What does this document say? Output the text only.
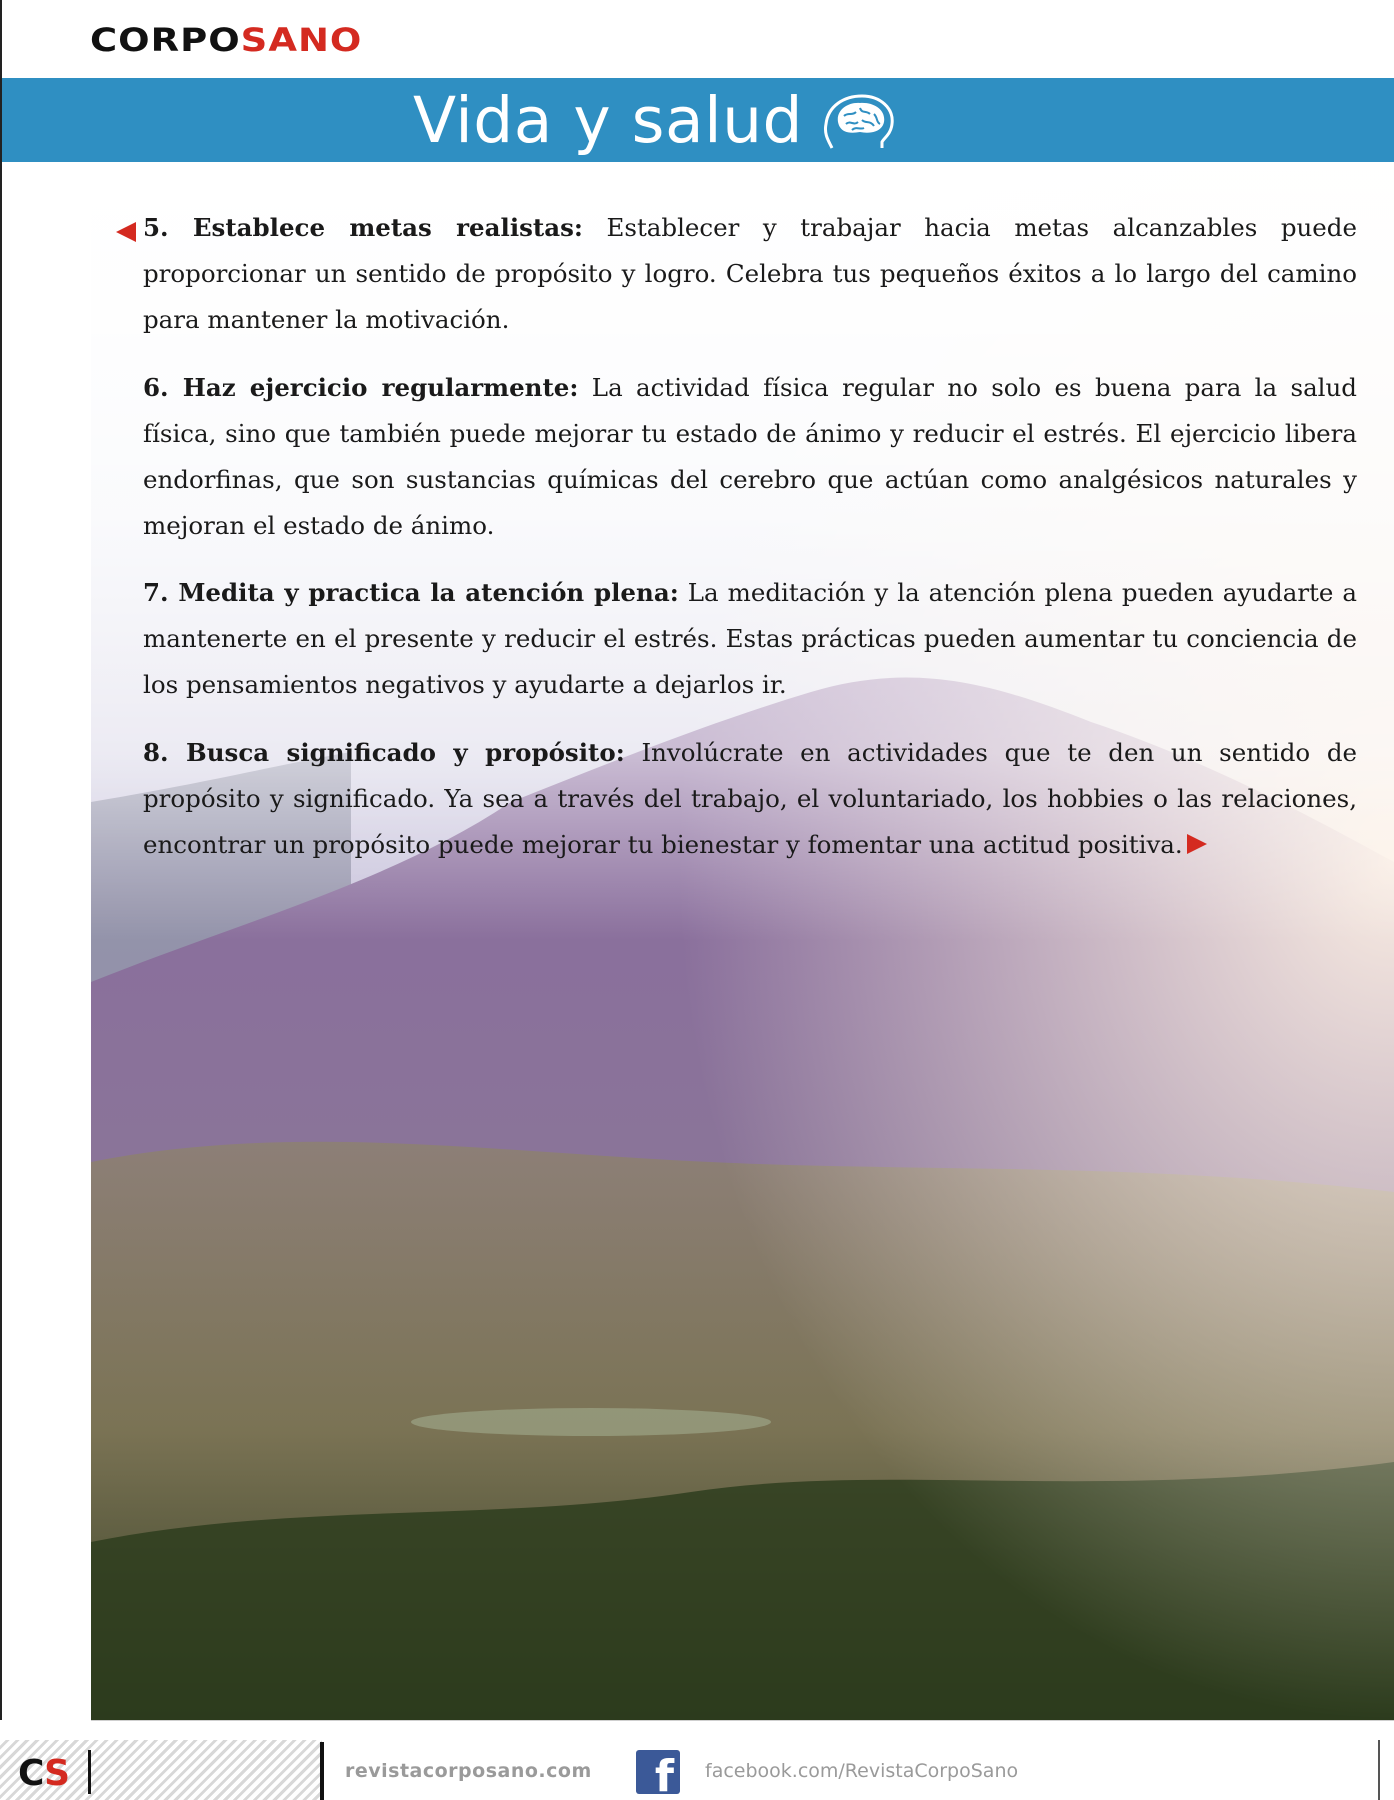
CORPOSANO
Vida y salud

5. Establece metas realistas: Establecer y trabajar hacia metas alcanzables puede proporcionar un sentido de propósito y logro. Celebra tus pequeños éxitos a lo largo del camino para mantener la motivación.

6. Haz ejercicio regularmente: La actividad física regular no solo es buena para la salud física, sino que también puede mejorar tu estado de ánimo y reducir el estrés. El ejercicio libera endorfinas, que son sustancias químicas del cerebro que actúan como analgésicos naturales y mejoran el estado de ánimo.

7. Medita y practica la atención plena: La meditación y la atención plena pueden ayudarte a mantenerte en el presente y reducir el estrés. Estas prácticas pueden aumentar tu conciencia de los pensamientos negativos y ayudarte a dejarlos ir.

8. Busca significado y propósito: Involúcrate en actividades que te den un sentido de propósito y significado. Ya sea a través del trabajo, el voluntariado, los hobbies o las relaciones, encontrar un propósito puede mejorar tu bienestar y fomentar una actitud positiva.

CS	revistacorposano.com f facebook.com/RevistaCorpoSano
